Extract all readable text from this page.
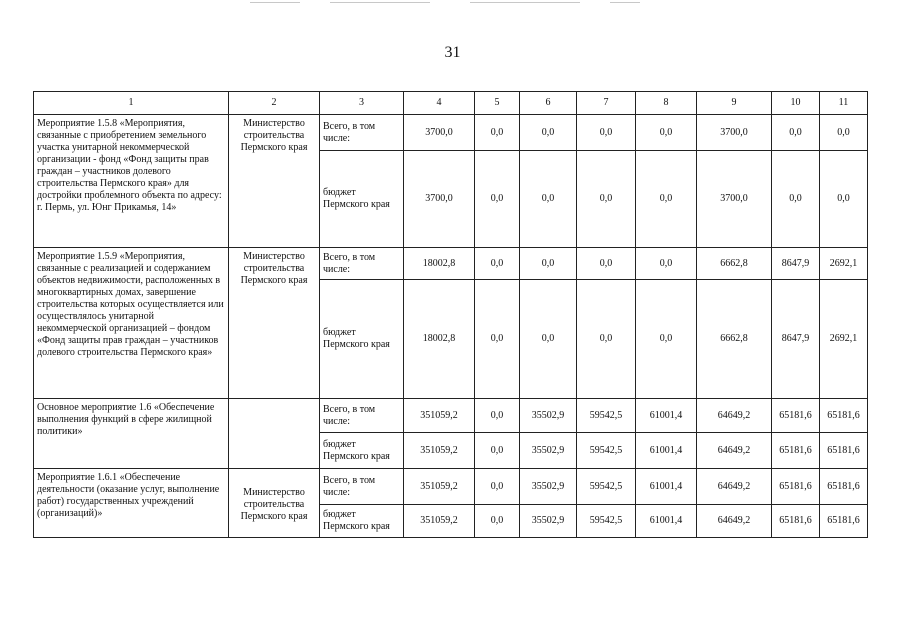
31
1	2	3	4	5	6	7	8	9	10	11
Мероприятие 1.5.8 «Мероприятия, связанные с приобретением земельного участка унитарной некоммерческой организации - фонд «Фонд защиты прав граждан – участников долевого строительства Пермского края» для достройки проблемного объекта по адресу: г. Пермь, ул. Юнг Прикамья, 14»	Министерство строительства Пермского края	Всего, в том числе:	3700,0	0,0	0,0	0,0	0,0	3700,0	0,0	0,0
		бюджет Пермского края	3700,0	0,0	0,0	0,0	0,0	3700,0	0,0	0,0
Мероприятие 1.5.9 «Мероприятия, связанные с реализацией и содержанием объектов недвижимости, расположенных в многоквартирных домах, завершение строительства которых осуществляется или осуществлялось унитарной некоммерческой организацией – фондом «Фонд защиты прав граждан – участников долевого строительства Пермского края»	Министерство строительства Пермского края	Всего, в том числе:	18002,8	0,0	0,0	0,0	0,0	6662,8	8647,9	2692,1
		бюджет Пермского края	18002,8	0,0	0,0	0,0	0,0	6662,8	8647,9	2692,1
Основное мероприятие 1.6 «Обеспечение выполнения функций в сфере жилищной политики»		Всего, в том числе:	351059,2	0,0	35502,9	59542,5	61001,4	64649,2	65181,6	65181,6
		бюджет Пермского края	351059,2	0,0	35502,9	59542,5	61001,4	64649,2	65181,6	65181,6
Мероприятие 1.6.1 «Обеспечение деятельности (оказание услуг, выполнение работ) государственных учреждений (организаций)»	Министерство строительства Пермского края	Всего, в том числе:	351059,2	0,0	35502,9	59542,5	61001,4	64649,2	65181,6	65181,6
		бюджет Пермского края	351059,2	0,0	35502,9	59542,5	61001,4	64649,2	65181,6	65181,6
